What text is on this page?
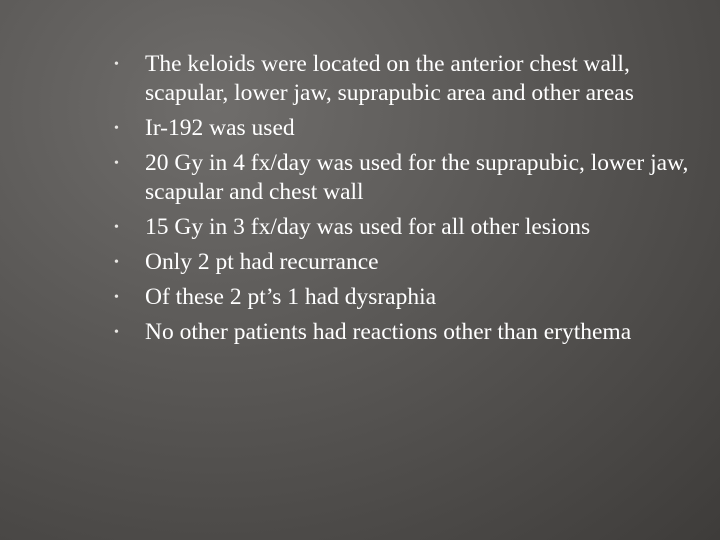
• The keloids were located on the anterior chest wall, scapular, lower jaw, suprapubic area and other areas
• Ir-192 was used
• 20 Gy in 4 fx/day was used for the suprapubic, lower jaw, scapular and chest wall
• 15 Gy in 3 fx/day was used for all other lesions
• Only 2 pt had recurrance
• Of these 2 pt’s 1 had dysraphia
• No other patients had reactions other than erythema
